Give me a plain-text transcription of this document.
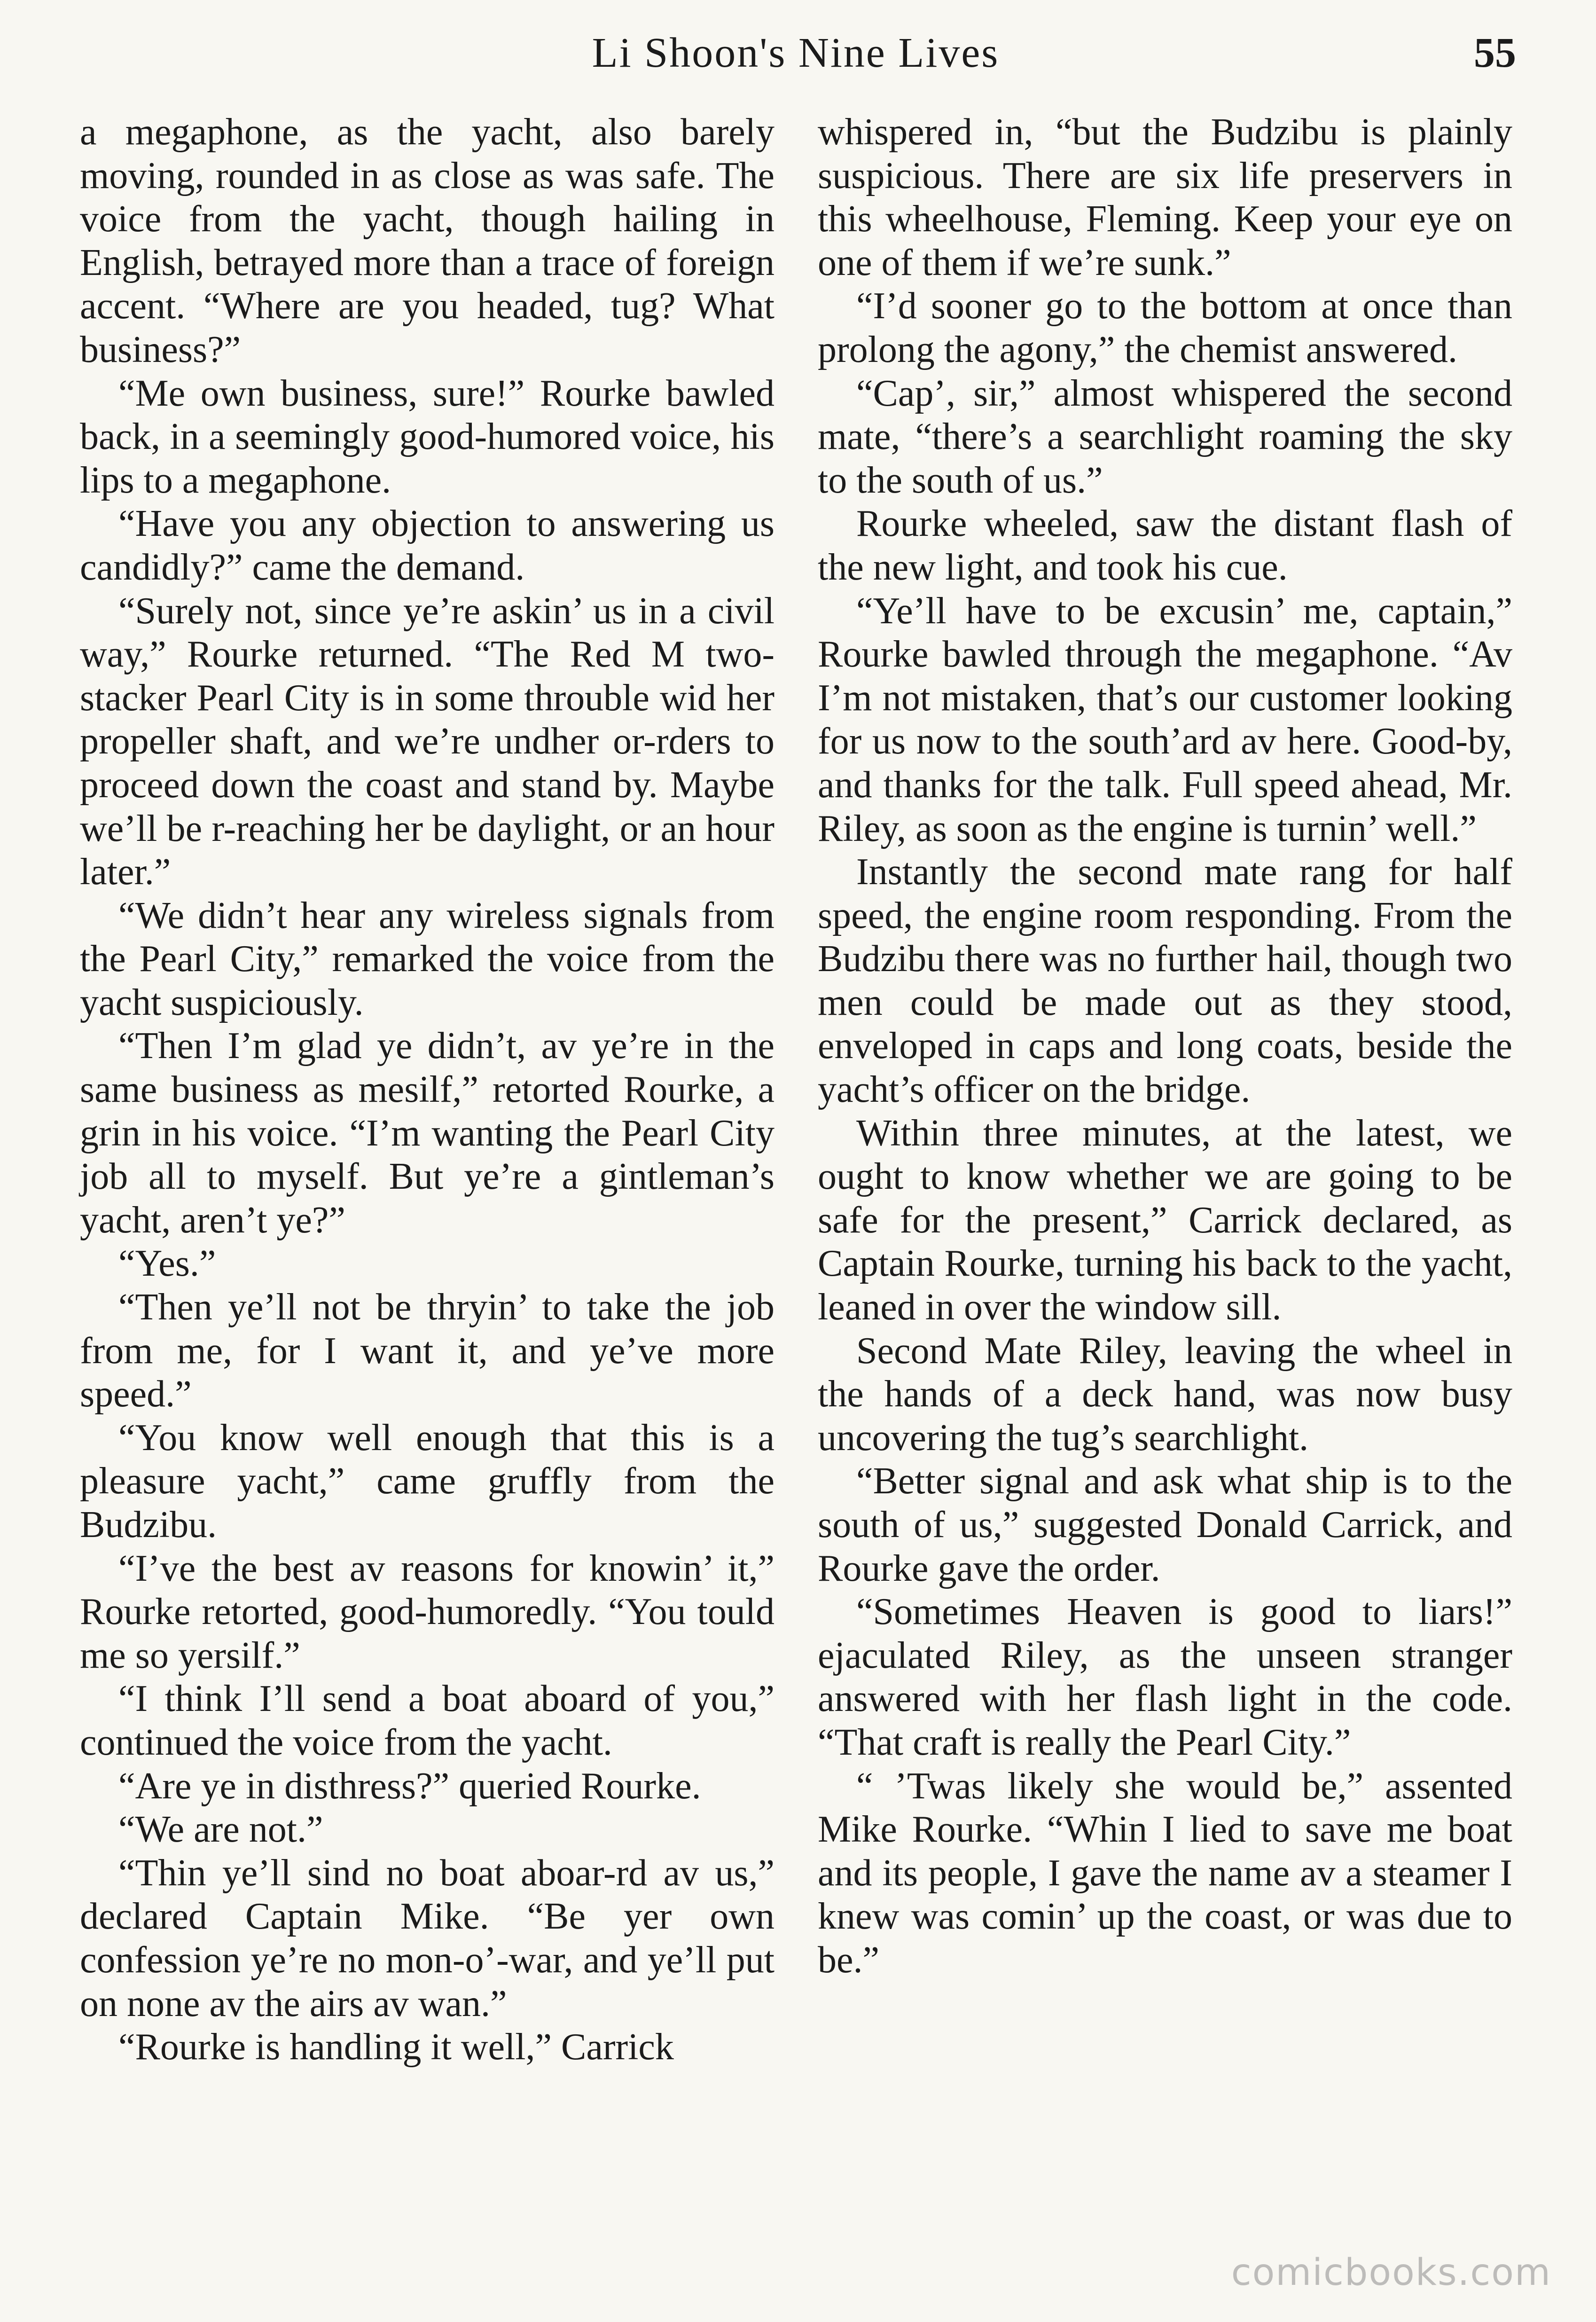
Li Shoon's Nine Lives	55

a megaphone, as the yacht, also barely moving, rounded in as close as was safe. The voice from the yacht, though hailing in English, betrayed more than a trace of foreign accent. “Where are you headed, tug? What business?”

“Me own business, sure!” Rourke bawled back, in a seemingly good-humored voice, his lips to a megaphone.

“Have you any objection to answering us candidly?” came the demand.

“Surely not, since ye’re askin’ us in a civil way,” Rourke returned. “The Red M two-stacker Pearl City is in some throuble wid her propeller shaft, and we’re undher or-rders to proceed down the coast and stand by. Maybe we’ll be r-reaching her be daylight, or an hour later.”

“We didn’t hear any wireless signals from the Pearl City,” remarked the voice from the yacht suspiciously.

“Then I’m glad ye didn’t, av ye’re in the same business as mesilf,” retorted Rourke, a grin in his voice. “I’m wanting the Pearl City job all to myself. But ye’re a gintleman’s yacht, aren’t ye?”

“Yes.”

“Then ye’ll not be thryin’ to take the job from me, for I want it, and ye’ve more speed.”

“You know well enough that this is a pleasure yacht,” came gruffly from the Budzibu.

“I’ve the best av reasons for knowin’ it,” Rourke retorted, good-humoredly. “You tould me so yersilf.”

“I think I’ll send a boat aboard of you,” continued the voice from the yacht.

“Are ye in disthress?” queried Rourke.

“We are not.”

“Thin ye’ll sind no boat aboar-rd av us,” declared Captain Mike. “Be yer own confession ye’re no mon-o’-war, and ye’ll put on none av the airs av wan.”

“Rourke is handling it well,” Carrick

whispered in, “but the Budzibu is plainly suspicious. There are six life preservers in this wheelhouse, Fleming. Keep your eye on one of them if we’re sunk.”

“I’d sooner go to the bottom at once than prolong the agony,” the chemist answered.

“Cap’, sir,” almost whispered the second mate, “there’s a searchlight roaming the sky to the south of us.”

Rourke wheeled, saw the distant flash of the new light, and took his cue.

“Ye’ll have to be excusin’ me, captain,” Rourke bawled through the megaphone. “Av I’m not mistaken, that’s our customer looking for us now to the south’ard av here. Good-by, and thanks for the talk. Full speed ahead, Mr. Riley, as soon as the engine is turnin’ well.”

Instantly the second mate rang for half speed, the engine room responding. From the Budzibu there was no further hail, though two men could be made out as they stood, enveloped in caps and long coats, beside the yacht’s officer on the bridge.

Within three minutes, at the latest, we ought to know whether we are going to be safe for the present,” Carrick declared, as Captain Rourke, turning his back to the yacht, leaned in over the window sill.

Second Mate Riley, leaving the wheel in the hands of a deck hand, was now busy uncovering the tug’s searchlight.

“Better signal and ask what ship is to the south of us,” suggested Donald Carrick, and Rourke gave the order.

“Sometimes Heaven is good to liars!” ejaculated Riley, as the unseen stranger answered with her flash light in the code. “That craft is really the Pearl City.”

“ ’Twas likely she would be,” assented Mike Rourke. “Whin I lied to save me boat and its people, I gave the name av a steamer I knew was comin’ up the coast, or was due to be.”

comicbooks.com
